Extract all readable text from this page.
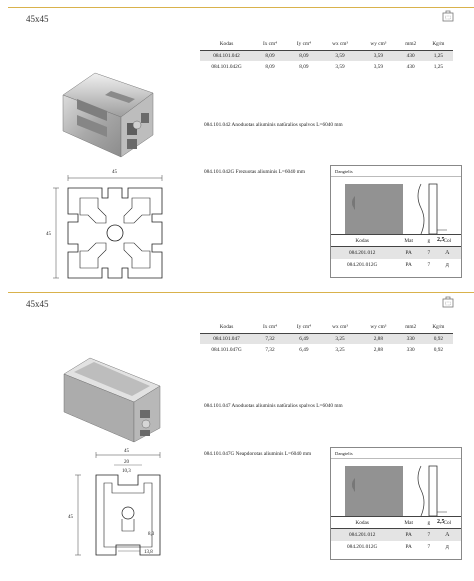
45x45
Kodas	Ix cm⁴	Iy cm⁴	wx cm³	wy cm³	mm2	Kg/m
084.101.042	8,09	8,09	3,59	3,59	430	1,25
084.101.042G	8,09	8,09	3,59	3,59	430	1,25
084.101.042 Anoduotas aliuminis natūralios spalvos L=6040 mm
084.101.042G Frezuotas aliuminis L=6040 mm
45
45
Dangtelis
2,5
Kodas	Mat	g	Col
084.201.012	PA	7	A
084.201.012G	PA	7	д
45x45
Kodas	Ix cm⁴	Iy cm⁴	wx cm³	wy cm³	mm2	Kg/m
084.101.047	7,32	6,49	3,25	2,88	330	0,92
084.101.047G	7,32	6,49	3,25	2,88	330	0,92
084.101.047 Anoduotas aliuminis natūralios spalvos L=6040 mm
084.101.047G Neapdorotas aliuminis L=6040 mm
45
20
10,3
45
8,3
13,8
Dangtelis
2,5
Kodas	Mat	g	Col
084.201.012	PA	7	A
084.201.012G	PA	7	д
